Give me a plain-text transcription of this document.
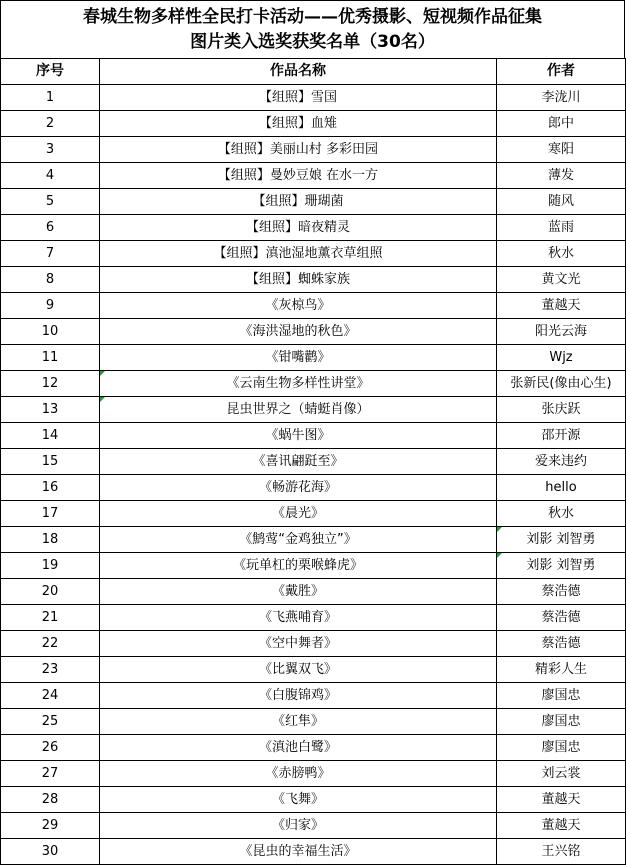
春城生物多样性全民打卡活动——优秀摄影、短视频作品征集
图片类入选奖获奖名单（30名）
序号	作品名称	作者
1	【组照】雪国	李泷川
2	【组照】血雉	郎中
3	【组照】美丽山村 多彩田园	寒阳
4	【组照】曼妙豆娘 在水一方	薄发
5	【组照】珊瑚菌	随风
6	【组照】暗夜精灵	蓝雨
7	【组照】滇池湿地薰衣草组照	秋水
8	【组照】蜘蛛家族	黄文光
9	《灰椋鸟》	董越天
10	《海洪湿地的秋色》	阳光云海
11	《钳嘴鹳》	Wjz
12	《云南生物多样性讲堂》	张新民(像由心生)
13	昆虫世界之（蜻蜓肖像）	张庆跃
14	《蜗牛图》	邵开源
15	《喜讯翩跹至》	爱来违约
16	《畅游花海》	hello
17	《晨光》	秋水
18	《鹪莺“金鸡独立”》	刘影 刘智勇
19	《玩单杠的栗喉蜂虎》	刘影 刘智勇
20	《戴胜》	蔡浩德
21	《飞燕哺育》	蔡浩德
22	《空中舞者》	蔡浩德
23	《比翼双飞》	精彩人生
24	《白腹锦鸡》	廖国忠
25	《红隼》	廖国忠
26	《滇池白鹭》	廖国忠
27	《赤膀鸭》	刘云裳
28	《飞舞》	董越天
29	《归家》	董越天
30	《昆虫的幸福生活》	王兴铭
